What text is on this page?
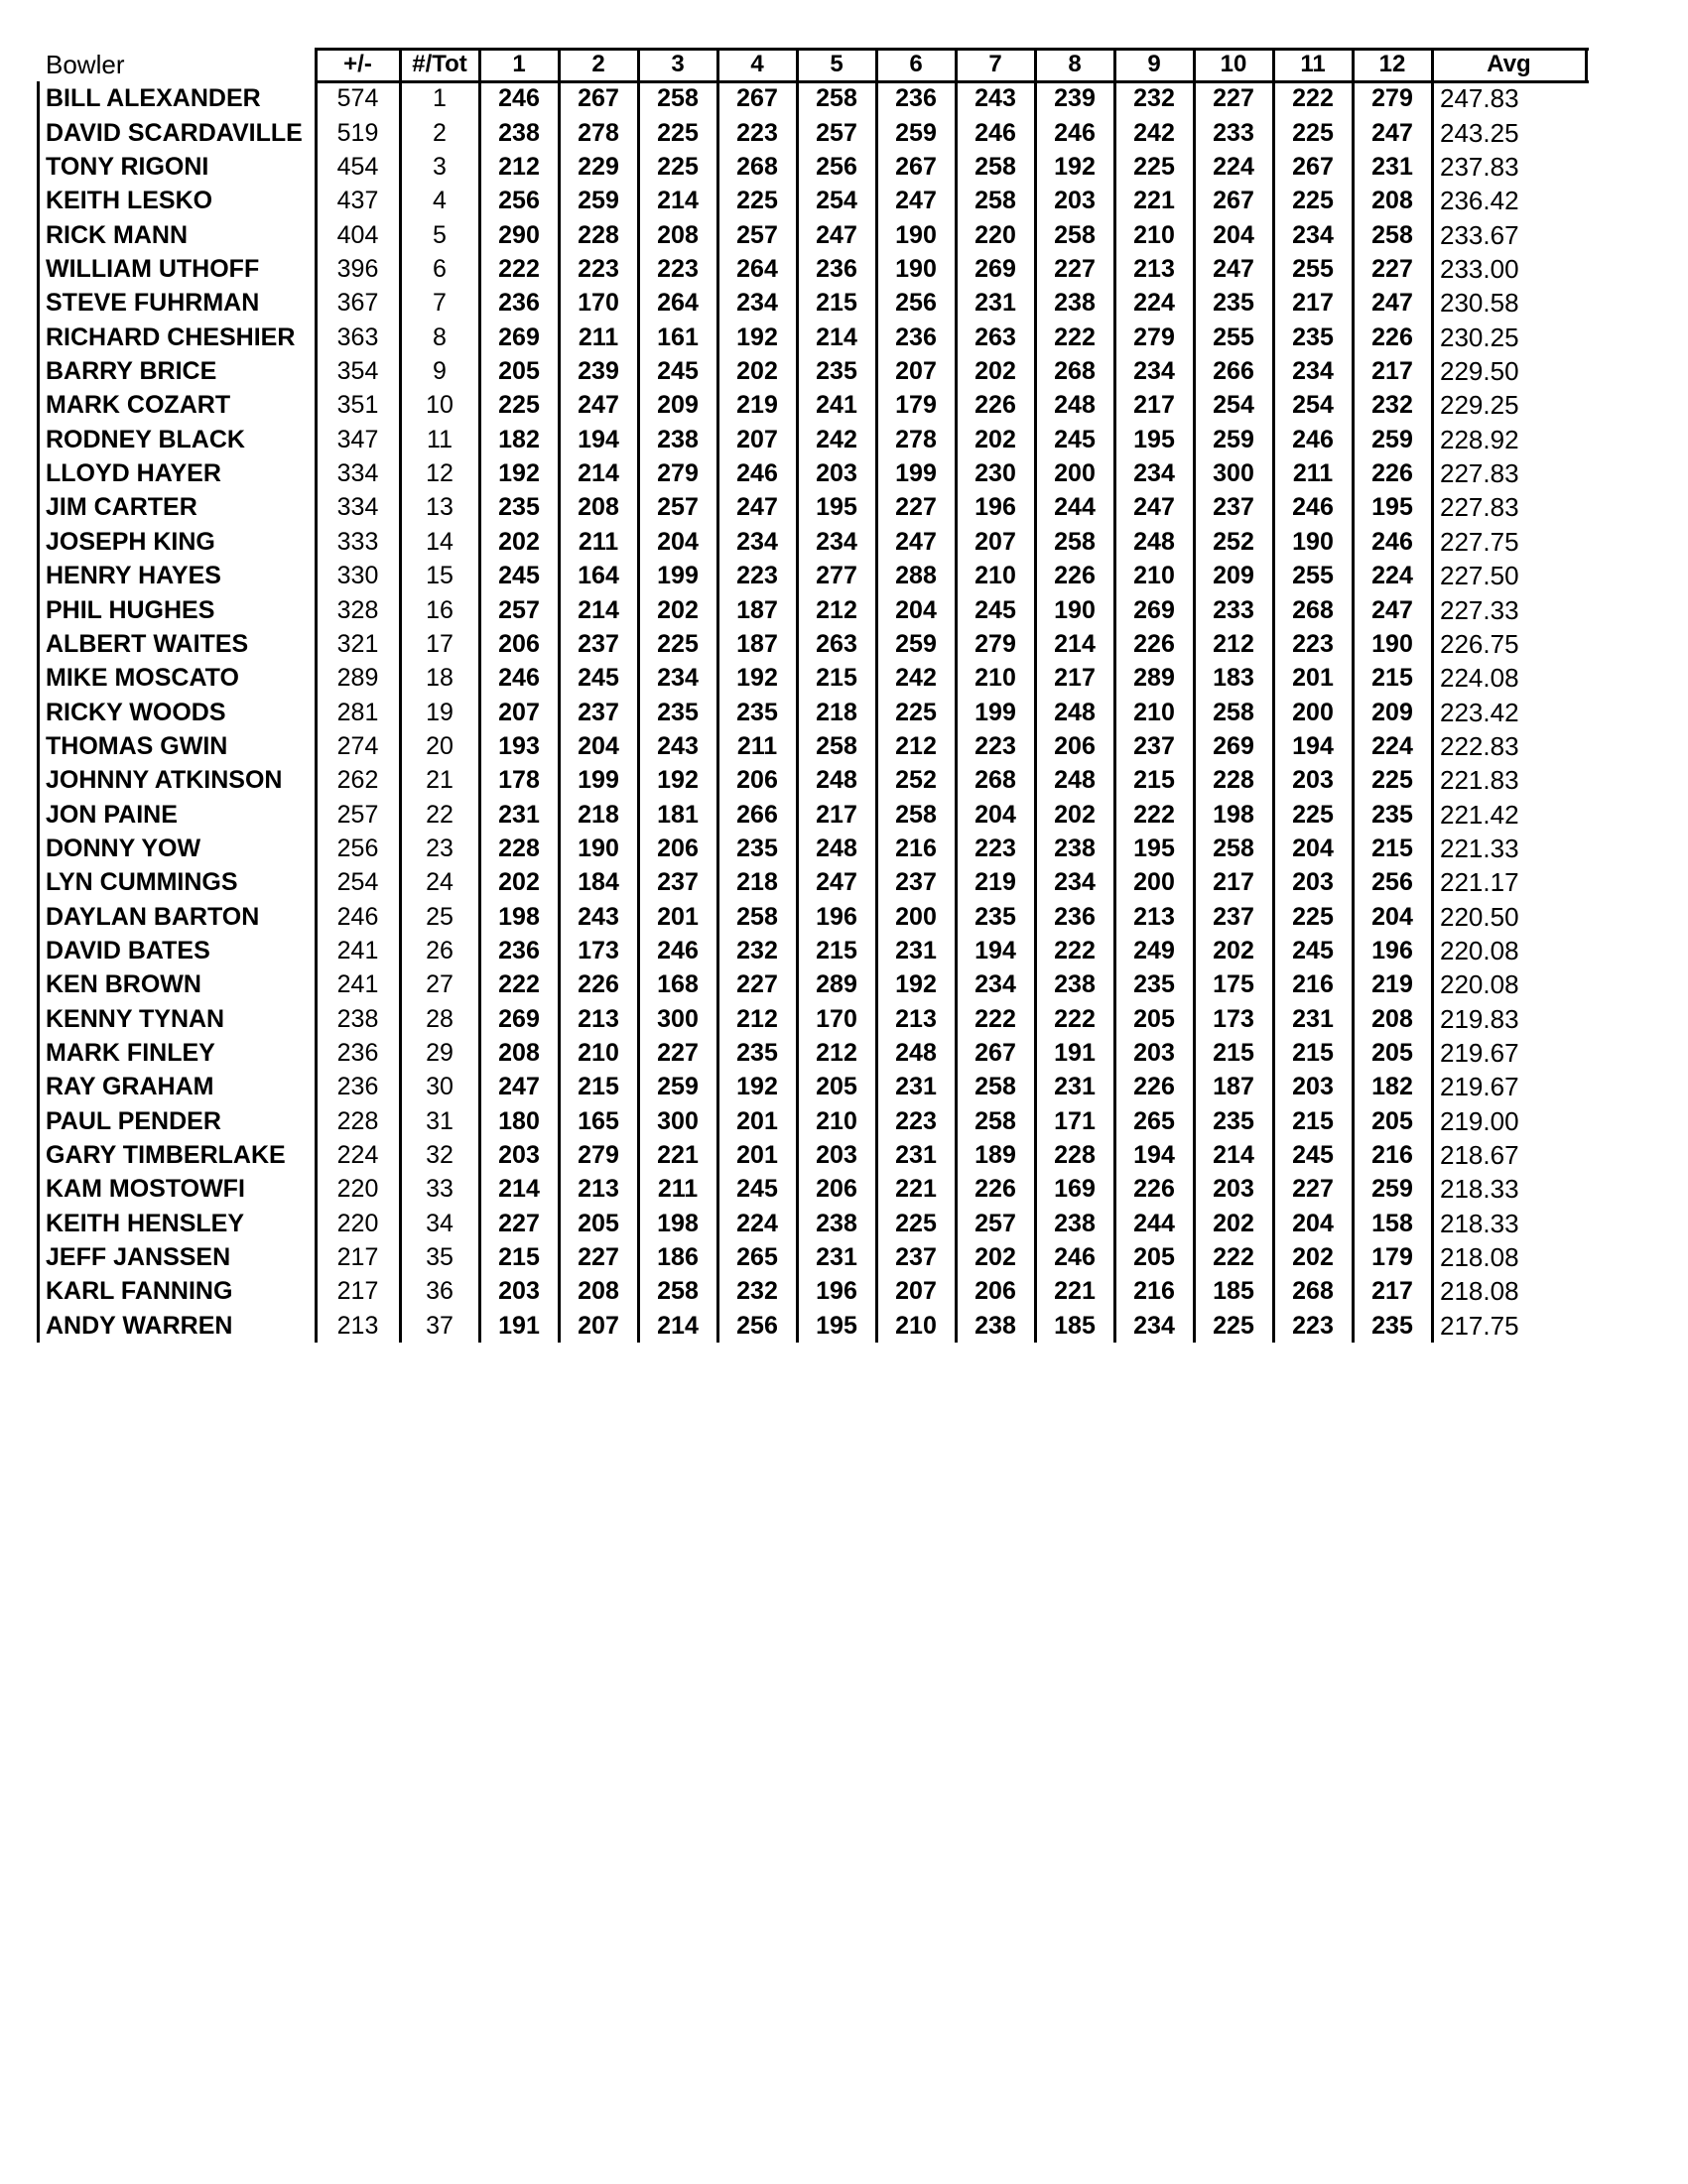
Bowler	+/-	#/Tot	1	2	3	4	5	6	7	8	9	10	11	12	Avg
BILL ALEXANDER	574	1	246	267	258	267	258	236	243	239	232	227	222	279	247.83
DAVID SCARDAVILLE	519	2	238	278	225	223	257	259	246	246	242	233	225	247	243.25
TONY RIGONI	454	3	212	229	225	268	256	267	258	192	225	224	267	231	237.83
KEITH LESKO	437	4	256	259	214	225	254	247	258	203	221	267	225	208	236.42
RICK MANN	404	5	290	228	208	257	247	190	220	258	210	204	234	258	233.67
WILLIAM UTHOFF	396	6	222	223	223	264	236	190	269	227	213	247	255	227	233.00
STEVE FUHRMAN	367	7	236	170	264	234	215	256	231	238	224	235	217	247	230.58
RICHARD CHESHIER	363	8	269	211	161	192	214	236	263	222	279	255	235	226	230.25
BARRY BRICE	354	9	205	239	245	202	235	207	202	268	234	266	234	217	229.50
MARK COZART	351	10	225	247	209	219	241	179	226	248	217	254	254	232	229.25
RODNEY BLACK	347	11	182	194	238	207	242	278	202	245	195	259	246	259	228.92
LLOYD HAYER	334	12	192	214	279	246	203	199	230	200	234	300	211	226	227.83
JIM CARTER	334	13	235	208	257	247	195	227	196	244	247	237	246	195	227.83
JOSEPH KING	333	14	202	211	204	234	234	247	207	258	248	252	190	246	227.75
HENRY HAYES	330	15	245	164	199	223	277	288	210	226	210	209	255	224	227.50
PHIL HUGHES	328	16	257	214	202	187	212	204	245	190	269	233	268	247	227.33
ALBERT WAITES	321	17	206	237	225	187	263	259	279	214	226	212	223	190	226.75
MIKE MOSCATO	289	18	246	245	234	192	215	242	210	217	289	183	201	215	224.08
RICKY WOODS	281	19	207	237	235	235	218	225	199	248	210	258	200	209	223.42
THOMAS GWIN	274	20	193	204	243	211	258	212	223	206	237	269	194	224	222.83
JOHNNY ATKINSON	262	21	178	199	192	206	248	252	268	248	215	228	203	225	221.83
JON PAINE	257	22	231	218	181	266	217	258	204	202	222	198	225	235	221.42
DONNY YOW	256	23	228	190	206	235	248	216	223	238	195	258	204	215	221.33
LYN CUMMINGS	254	24	202	184	237	218	247	237	219	234	200	217	203	256	221.17
DAYLAN BARTON	246	25	198	243	201	258	196	200	235	236	213	237	225	204	220.50
DAVID BATES	241	26	236	173	246	232	215	231	194	222	249	202	245	196	220.08
KEN BROWN	241	27	222	226	168	227	289	192	234	238	235	175	216	219	220.08
KENNY TYNAN	238	28	269	213	300	212	170	213	222	222	205	173	231	208	219.83
MARK FINLEY	236	29	208	210	227	235	212	248	267	191	203	215	215	205	219.67
RAY GRAHAM	236	30	247	215	259	192	205	231	258	231	226	187	203	182	219.67
PAUL PENDER	228	31	180	165	300	201	210	223	258	171	265	235	215	205	219.00
GARY TIMBERLAKE	224	32	203	279	221	201	203	231	189	228	194	214	245	216	218.67
KAM MOSTOWFI	220	33	214	213	211	245	206	221	226	169	226	203	227	259	218.33
KEITH HENSLEY	220	34	227	205	198	224	238	225	257	238	244	202	204	158	218.33
JEFF JANSSEN	217	35	215	227	186	265	231	237	202	246	205	222	202	179	218.08
KARL FANNING	217	36	203	208	258	232	196	207	206	221	216	185	268	217	218.08
ANDY WARREN	213	37	191	207	214	256	195	210	238	185	234	225	223	235	217.75
